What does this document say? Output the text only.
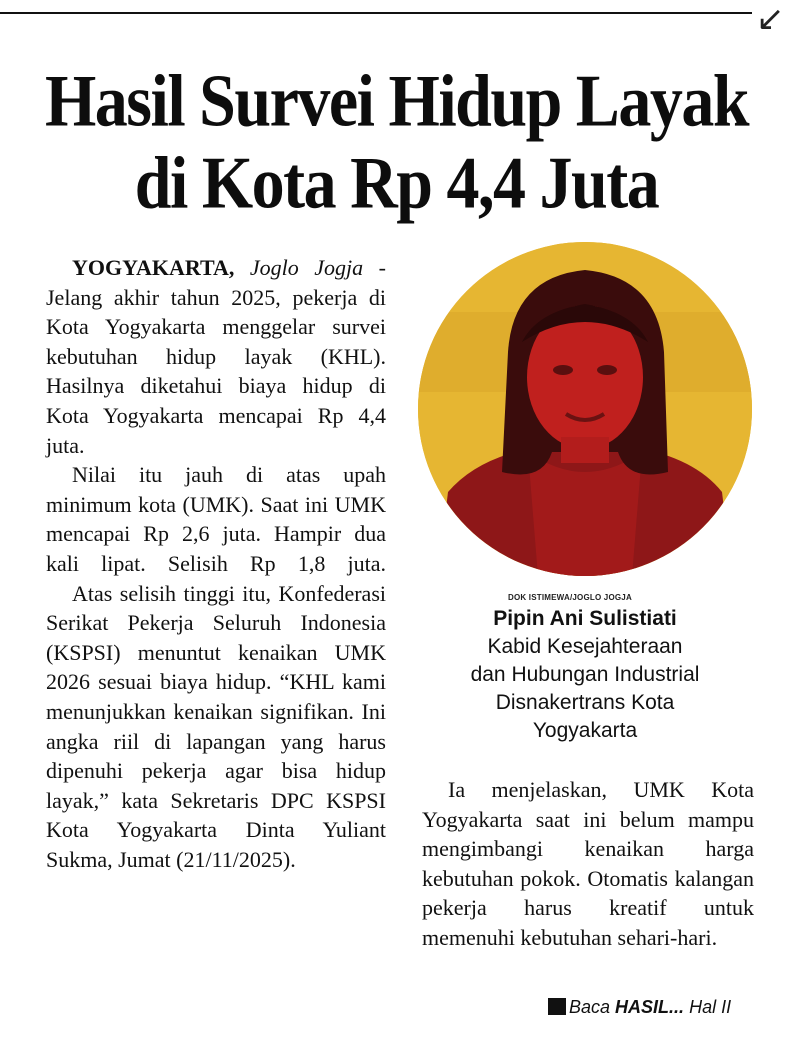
↙
Hasil Survei Hidup Layak
di Kota Rp 4,4 Juta

YOGYAKARTA, Joglo Jogja - Jelang akhir tahun 2025, pekerja di Kota Yogyakarta menggelar survei kebutuhan hidup layak (KHL). Hasilnya diketahui biaya hidup di Kota Yogyakarta mencapai Rp 4,4 juta.

Nilai itu jauh di atas upah minimum kota (UMK). Saat ini UMK mencapai Rp 2,6 juta. Hampir dua kali lipat. Selisih Rp 1,8 juta.

Atas selisih tinggi itu, Konfederasi Serikat Pekerja Seluruh Indonesia (KSPSI) menuntut kenaikan UMK 2026 sesuai biaya hidup. “KHL kami menunjukkan kenaikan signifikan. Ini angka riil di lapangan yang harus dipenuhi pekerja agar bisa hidup layak,” kata Sekretaris DPC KSPSI Kota Yogyakarta Dinta Yuliant Sukma, Jumat (21/11/2025).

DOK ISTIMEWA/JOGLO JOGJA
Pipin Ani Sulistiati
Kabid Kesejahteraan
dan Hubungan Industrial
Disnakertrans Kota
Yogyakarta

Ia menjelaskan, UMK Kota Yogyakarta saat ini belum mampu mengimbangi kenaikan harga kebutuhan pokok. Otomatis kalangan pekerja harus kreatif untuk memenuhi kebutuhan sehari-hari.

Baca HASIL... Hal II
